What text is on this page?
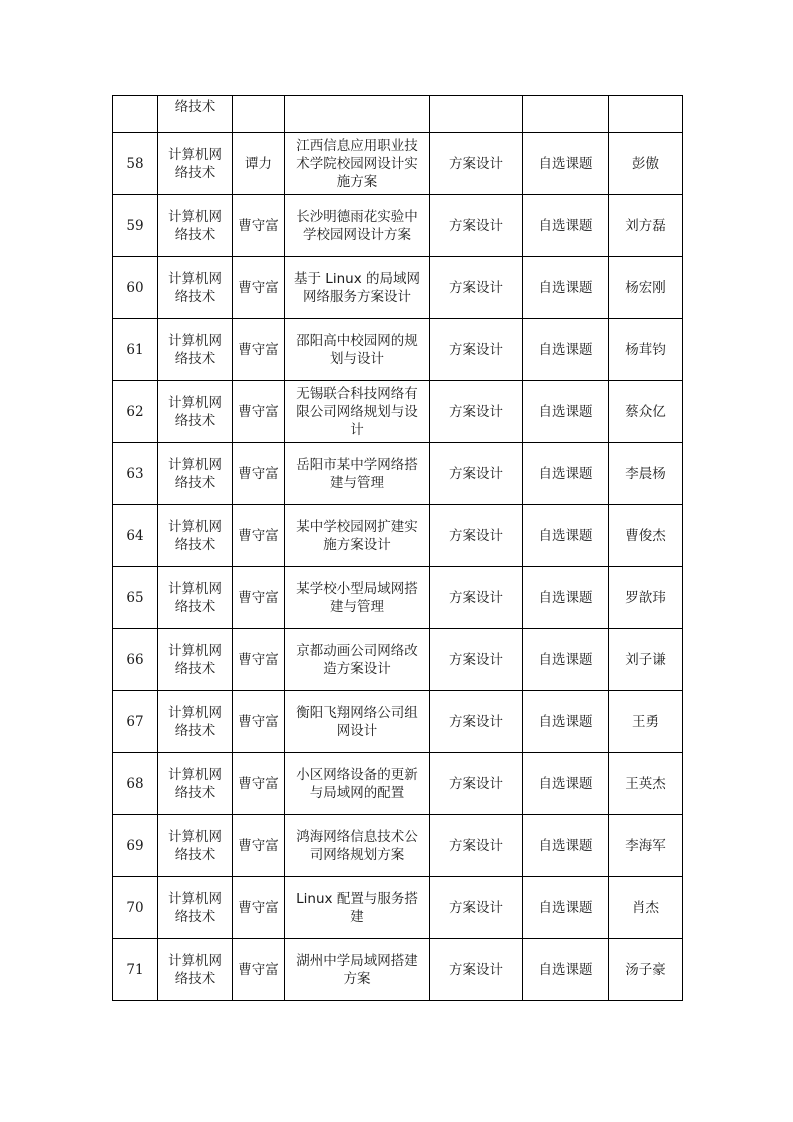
	络技术					
58	计算机网络技术	谭力	江西信息应用职业技术学院校园网设计实施方案	方案设计	自选课题	彭傲
59	计算机网络技术	曹守富	长沙明德雨花实验中学校园网设计方案	方案设计	自选课题	刘方磊
60	计算机网络技术	曹守富	基于 Linux 的局域网网络服务方案设计	方案设计	自选课题	杨宏刚
61	计算机网络技术	曹守富	邵阳高中校园网的规划与设计	方案设计	自选课题	杨茸钧
62	计算机网络技术	曹守富	无锡联合科技网络有限公司网络规划与设计	方案设计	自选课题	蔡众亿
63	计算机网络技术	曹守富	岳阳市某中学网络搭建与管理	方案设计	自选课题	李晨杨
64	计算机网络技术	曹守富	某中学校园网扩建实施方案设计	方案设计	自选课题	曹俊杰
65	计算机网络技术	曹守富	某学校小型局域网搭建与管理	方案设计	自选课题	罗歆玮
66	计算机网络技术	曹守富	京都动画公司网络改造方案设计	方案设计	自选课题	刘子谦
67	计算机网络技术	曹守富	衡阳飞翔网络公司组网设计	方案设计	自选课题	王勇
68	计算机网络技术	曹守富	小区网络设备的更新与局域网的配置	方案设计	自选课题	王英杰
69	计算机网络技术	曹守富	鸿海网络信息技术公司网络规划方案	方案设计	自选课题	李海军
70	计算机网络技术	曹守富	Linux 配置与服务搭建	方案设计	自选课题	肖杰
71	计算机网络技术	曹守富	湖州中学局域网搭建方案	方案设计	自选课题	汤子豪
